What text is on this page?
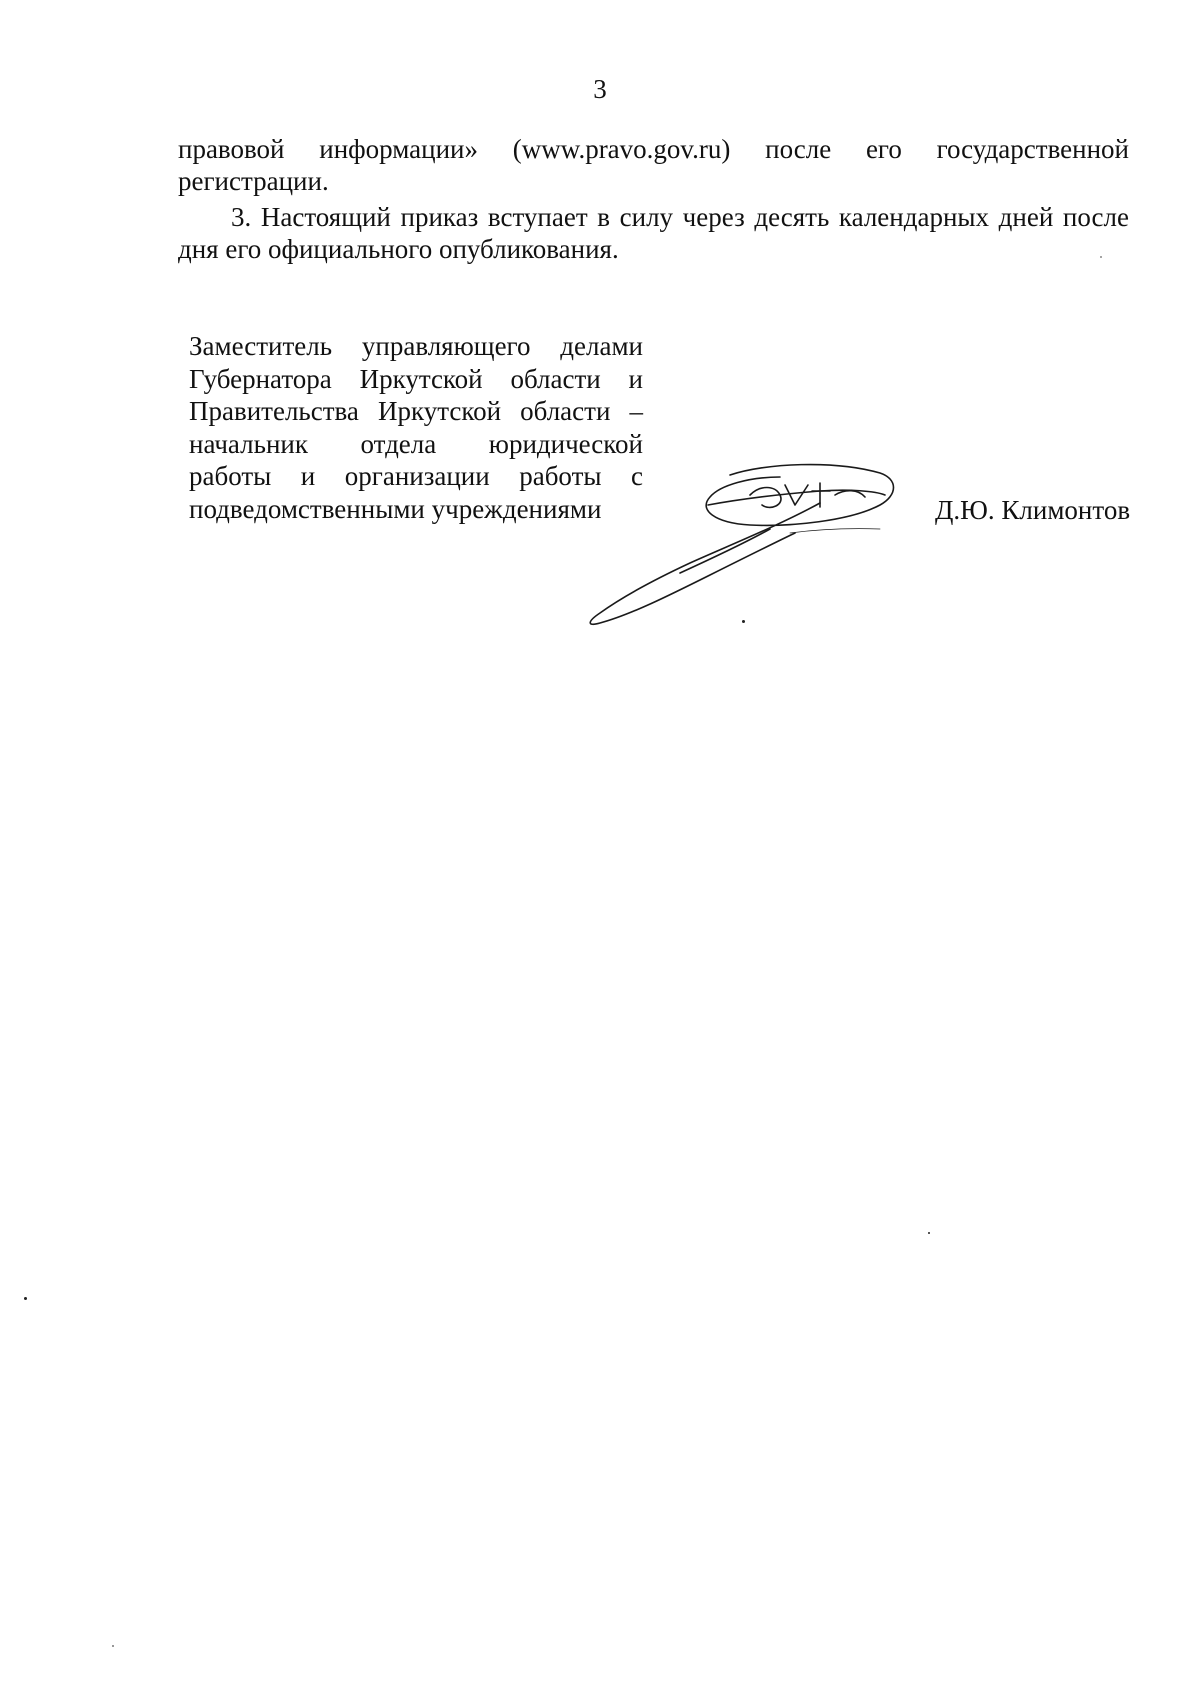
3

правовой информации» (www.pravo.gov.ru) после его государственной регистрации.

3. Настоящий приказ вступает в силу через десять календарных дней после дня его официального опубликования.

Заместитель управляющего делами
Губернатора Иркутской области и
Правительства Иркутской области –
начальник отдела юридической
работы и организации работы с
подведомственными учреждениями	Д.Ю. Климонтов
